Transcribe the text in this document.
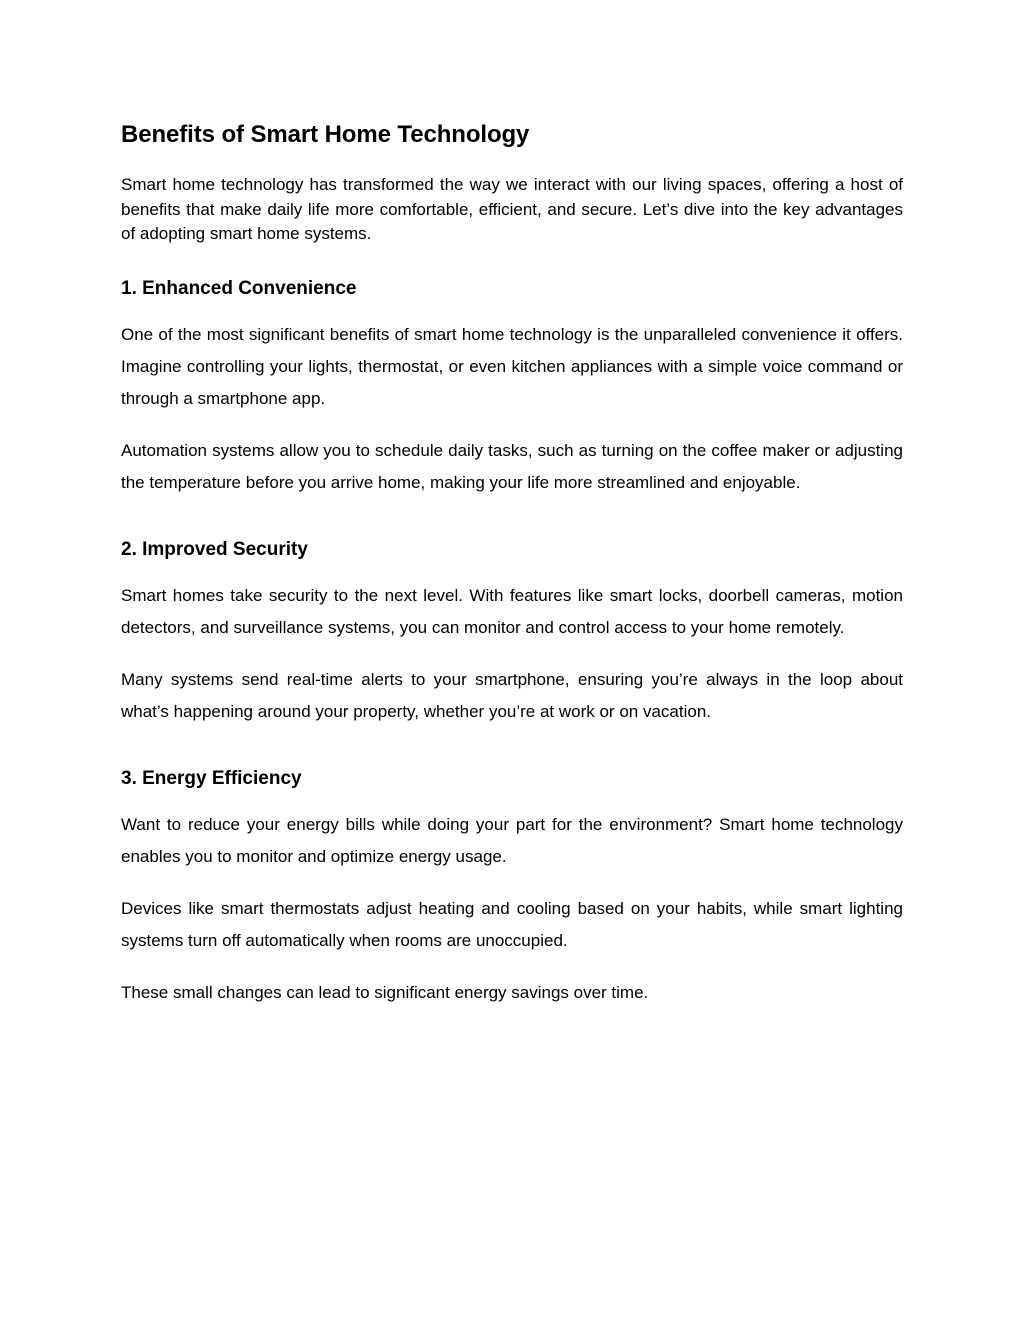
Benefits of Smart Home Technology

Smart home technology has transformed the way we interact with our living spaces, offering a host of benefits that make daily life more comfortable, efficient, and secure. Let’s dive into the key advantages of adopting smart home systems.

1. Enhanced Convenience

One of the most significant benefits of smart home technology is the unparalleled convenience it offers. Imagine controlling your lights, thermostat, or even kitchen appliances with a simple voice command or through a smartphone app.

Automation systems allow you to schedule daily tasks, such as turning on the coffee maker or adjusting the temperature before you arrive home, making your life more streamlined and enjoyable.

2. Improved Security

Smart homes take security to the next level. With features like smart locks, doorbell cameras, motion detectors, and surveillance systems, you can monitor and control access to your home remotely.

Many systems send real-time alerts to your smartphone, ensuring you’re always in the loop about what’s happening around your property, whether you’re at work or on vacation.

3. Energy Efficiency

Want to reduce your energy bills while doing your part for the environment? Smart home technology enables you to monitor and optimize energy usage.

Devices like smart thermostats adjust heating and cooling based on your habits, while smart lighting systems turn off automatically when rooms are unoccupied.

These small changes can lead to significant energy savings over time.
